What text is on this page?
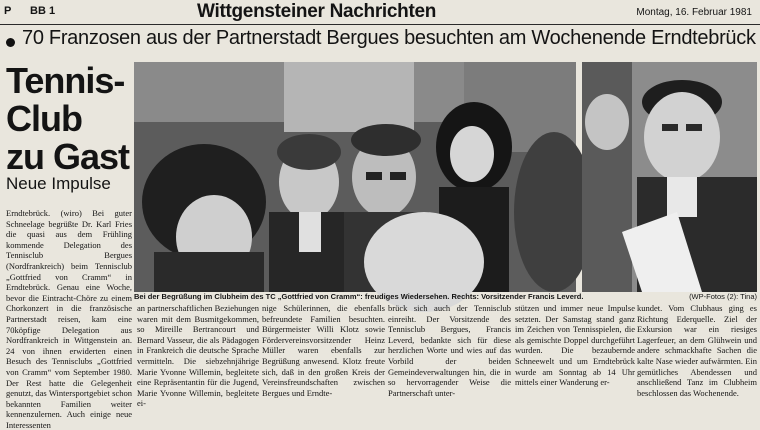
P BB 1	Wittgensteiner Nachrichten	Montag, 16. Februar 1981
70 Franzosen aus der Partnerstadt Bergues besuchten am Wochenende Erndtebrück
Tennis-
Club
zu Gast
Neue Impulse
Bei der Begrüßung im Clubheim des TC „Gottfried von Cramm“: freudiges Wiedersehen. Rechts: Vorsitzender Francis Leverd.	(WP-Fotos (2): Tina)
Erndtebrück. (wiro) Bei guter Schneelage begrüßte Dr. Karl Fries die quasi aus dem Frühling kommende Delegation des Tennisclub Bergues (Nordfrankreich) beim Tennisclub „Gottfried von Cramm“ in Erndtebrück. Genau eine Woche, bevor die Eintracht-Chöre zu einem Chorkonzert in die französische Partnerstadt reisen, kam eine 70köpfige Delegation aus Nordfrankreich in Wittgenstein an. 24 von ihnen erwiderten einen Besuch des Tennisclubs „Gottfried von Cramm“ vom September 1980. Der Rest hatte die Gelegenheit genutzt, das Wintersportgebiet schon bekannten Familien weiter kennenzulernen. Auch einige neue Interessenten
an partnerschaftlichen Beziehungen waren mit dem Busmitgekommen, so Mireille Bertrancourt und Bernard Vasseur, die als Pädagogen in Frankreich die deutsche Sprache vermitteln. Die siebzehnjährige Marie Yvonne Willemin, begleitete eine Repräsentantin für die Jugend, Marie Yvonne Willemin, begleitete ei-
nige Schülerinnen, die ebenfalls befreundete Familien besuchten. Bürgermeister Willi Klotz sowie Fördervereinsvorsitzender Heinz Müller waren ebenfalls zur Begrüßung anwesend. Klotz freute sich, daß in den großen Kreis der Vereinsfreundschaften zwischen Bergues und Erndte-
brück sich auch der Tennisclub einreiht. Der Vorsitzende des Tennisclub Bergues, Francis Leverd, bedankte sich für diese herzlichen Worte und wies auf das Vorbild der beiden Gemeindeverwaltungen hin, die in so hervorragender Weise die Partnerschaft unter-
stützen und immer neue Impulse setzten. Der Samstag stand ganz im Zeichen von Tennisspielen, die als gemischte Doppel durchgeführt wurden. Die bezaubernde Schneewelt und um Erndtebrück wurde am Sonntag ab 14 Uhr mittels einer Wanderung er-
kundet. Vom Clubhaus ging es Richtung Ederquelle. Ziel der Exkursion war ein riesiges Lagerfeuer, an dem Glühwein und andere schmackhafte Sachen die kalte Nase wieder aufwärmten. Ein gemütliches Abendessen und anschließend Tanz im Clubheim beschlossen das Wochenende.
